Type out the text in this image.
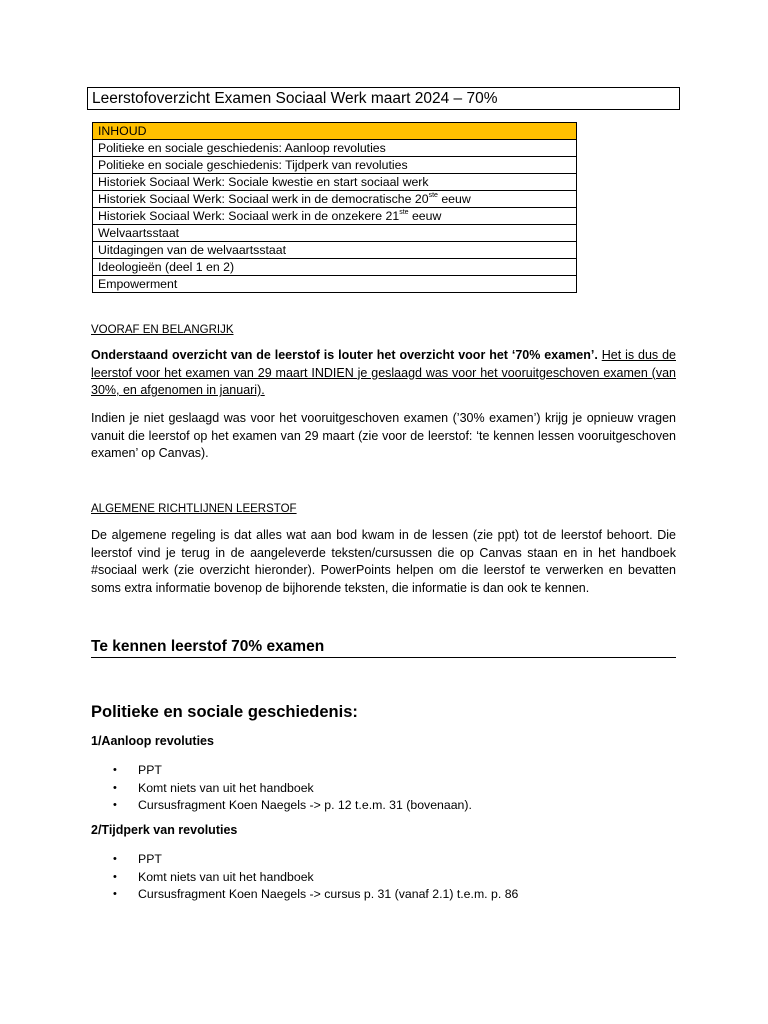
Leerstofoverzicht Examen Sociaal Werk maart 2024 – 70%
INHOUD
Politieke en sociale geschiedenis: Aanloop revoluties
Politieke en sociale geschiedenis: Tijdperk van revoluties
Historiek Sociaal Werk: Sociale kwestie en start sociaal werk
Historiek Sociaal Werk: Sociaal werk in de democratische 20ste eeuw
Historiek Sociaal Werk: Sociaal werk in de onzekere 21ste eeuw
Welvaartsstaat
Uitdagingen van de welvaartsstaat
Ideologieën (deel 1 en 2)
Empowerment
VOORAF EN BELANGRIJK
Onderstaand overzicht van de leerstof is louter het overzicht voor het ‘70% examen’. Het is dus de leerstof voor het examen van 29 maart INDIEN je geslaagd was voor het vooruitgeschoven examen (van 30%, en afgenomen in januari).
Indien je niet geslaagd was voor het vooruitgeschoven examen (’30% examen’) krijg je opnieuw vragen vanuit die leerstof op het examen van 29 maart (zie voor de leerstof: ‘te kennen lessen vooruitgeschoven examen’ op Canvas).
ALGEMENE RICHTLIJNEN LEERSTOF
De algemene regeling is dat alles wat aan bod kwam in de lessen (zie ppt) tot de leerstof behoort. Die leerstof vind je terug in de aangeleverde teksten/cursussen die op Canvas staan en in het handboek #sociaal werk (zie overzicht hieronder). PowerPoints helpen om die leerstof te verwerken en bevatten soms extra informatie bovenop de bijhorende teksten, die informatie is dan ook te kennen.
Te kennen leerstof 70% examen
Politieke en sociale geschiedenis:
1/Aanloop revoluties
• PPT
• Komt niets van uit het handboek
• Cursusfragment Koen Naegels -> p. 12 t.e.m. 31 (bovenaan).
2/Tijdperk van revoluties
• PPT
• Komt niets van uit het handboek
• Cursusfragment Koen Naegels -> cursus p. 31 (vanaf 2.1) t.e.m. p. 86
